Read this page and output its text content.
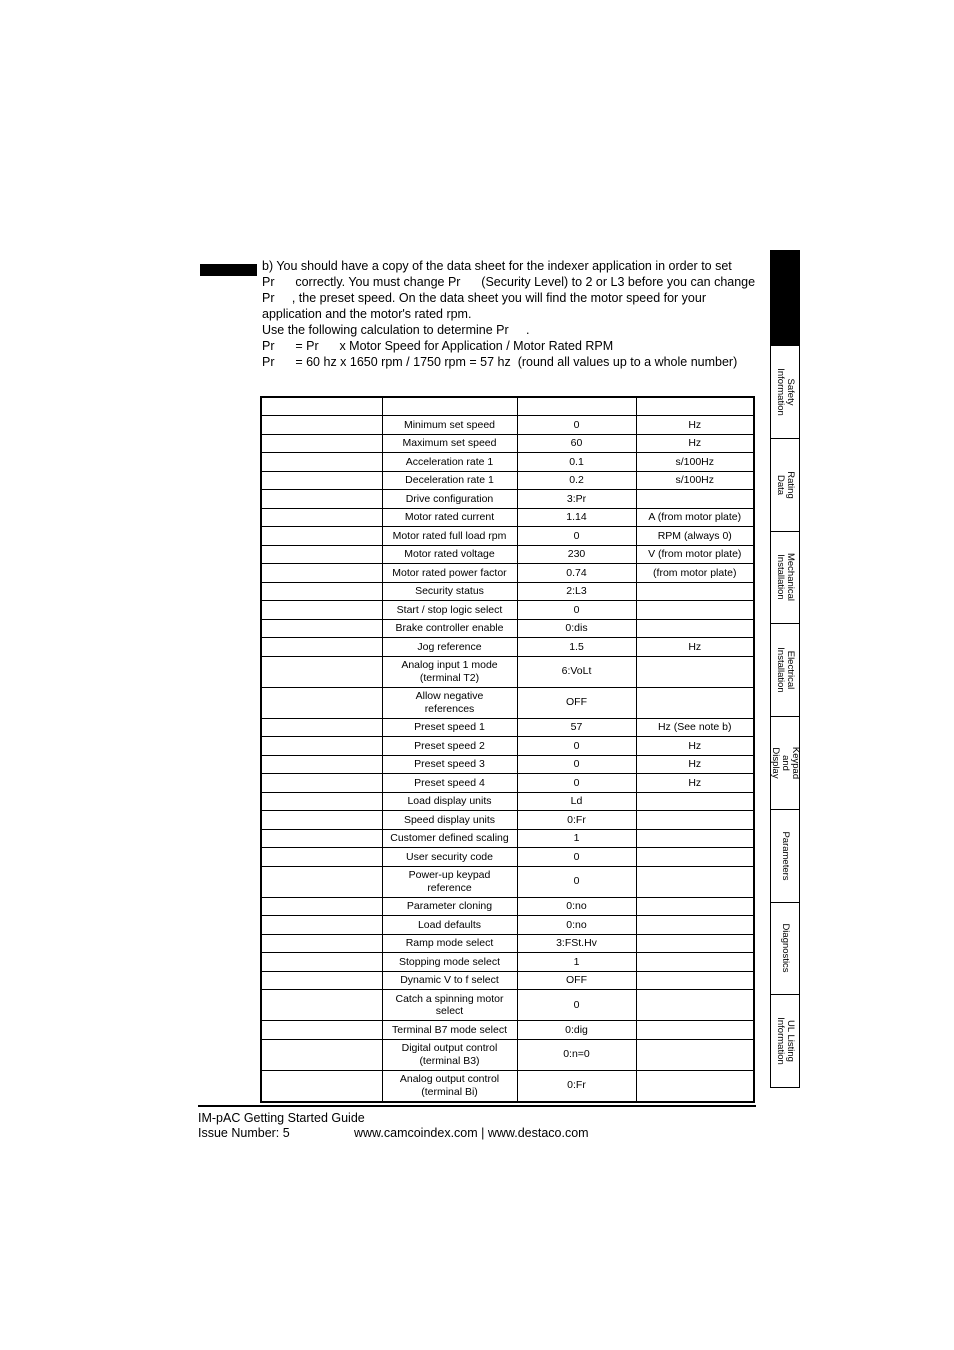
b) You should have a copy of the data sheet for the indexer application in order to set

Pr      correctly. You must change Pr      (Security Level) to 2 or L3 before you can change

Pr     , the preset speed. On the data sheet you will find the motor speed for your

application and the motor's rated rpm.

Use the following calculation to determine Pr     .

Pr      = Pr      x Motor Speed for Application / Motor Rated RPM

Pr      = 60 hz x 1650 rpm / 1750 rpm = 57 hz  (round all values up to a whole number)

	Minimum set speed	0	Hz
	Maximum set speed	60	Hz
	Acceleration rate 1	0.1	s/100Hz
	Deceleration rate 1	0.2	s/100Hz
	Drive configuration	3:Pr	
	Motor rated current	1.14	A (from motor plate)
	Motor rated full load rpm	0	RPM (always 0)
	Motor rated voltage	230	V (from motor plate)
	Motor rated power factor	0.74	(from motor plate)
	Security status	2:L3	
	Start / stop logic select	0	
	Brake controller enable	0:dis	
	Jog reference	1.5	Hz
	Analog input 1 mode
(terminal T2)	6:VoLt	
	Allow negative
references	OFF	
	Preset speed 1	57	Hz (See note b)
	Preset speed 2	0	Hz
	Preset speed 3	0	Hz
	Preset speed 4	0	Hz
	Load display units	Ld	
	Speed display units	0:Fr	
	Customer defined scaling	1	
	User security code	0	
	Power-up keypad
reference	0	
	Parameter cloning	0:no	
	Load defaults	0:no	
	Ramp mode select	3:FSt.Hv	
	Stopping mode select	1	
	Dynamic V to f select	OFF	
	Catch a spinning motor
select	0	
	Terminal B7 mode select	0:dig	
	Digital output control
(terminal B3)	0:n=0	
	Analog output control
(terminal Bi)	0:Fr	
Safety Information
Rating Data
Mechanical
Installation
Electrical Installation
Keypad and Display
Parameters
Diagnostics
UL Listing
Information
IM-pAC Getting Started Guide
Issue Number: 5	www.camcoindex.com | www.destaco.com
